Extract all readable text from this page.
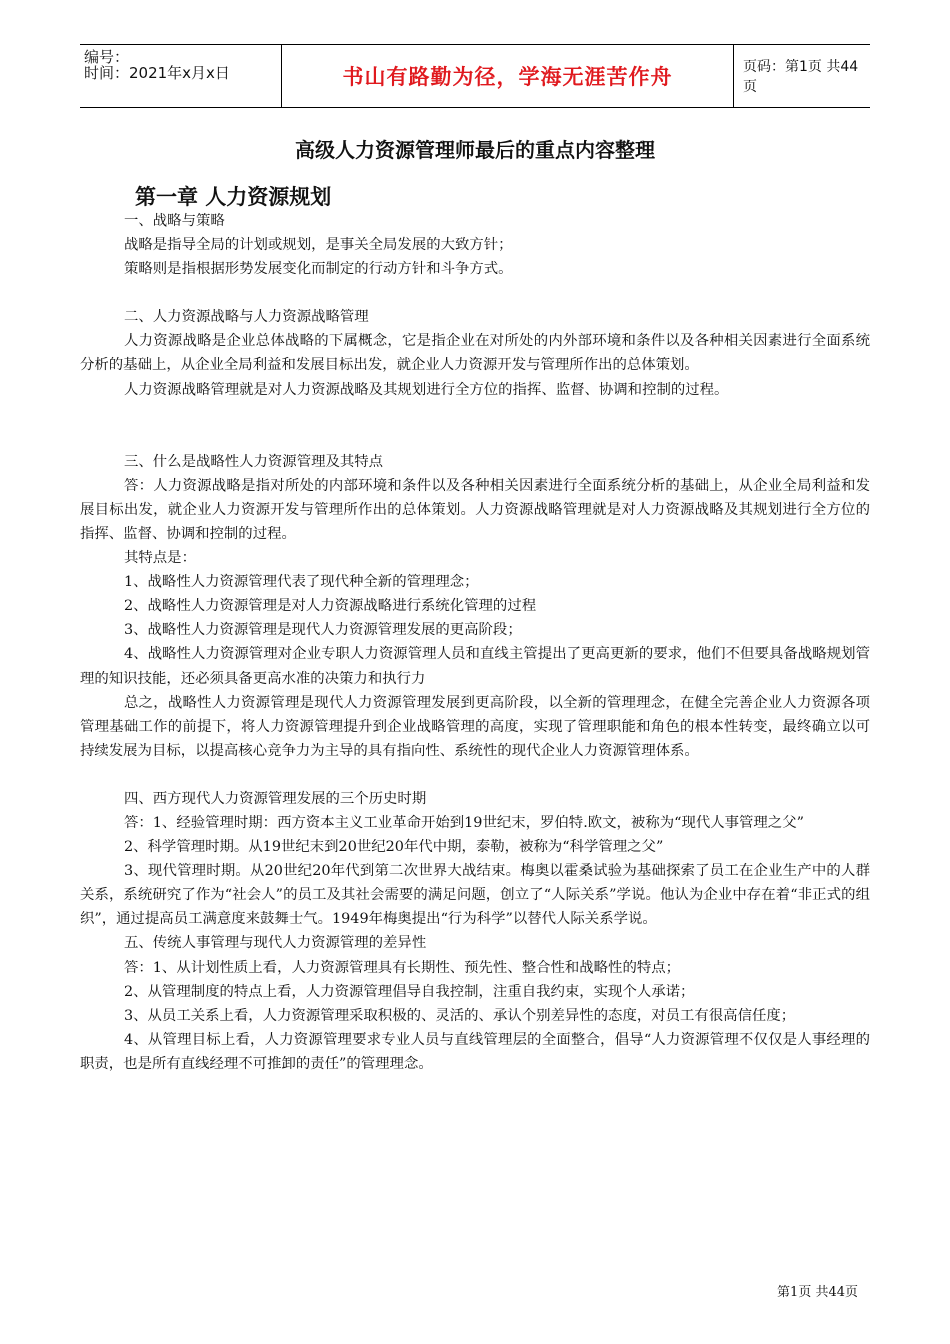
编号：
时间：2021年x月x日	书山有路勤为径，学海无涯苦作舟	页码：第1页 共44页
高级人力资源管理师最后的重点内容整理
第一章 人力资源规划

一、战略与策略

战略是指导全局的计划或规划，是事关全局发展的大致方针；

策略则是指根据形势发展变化而制定的行动方针和斗争方式。

二、人力资源战略与人力资源战略管理

人力资源战略是企业总体战略的下属概念，它是指企业在对所处的内外部环境和条件以及各种相关因素进行全面系统分析的基础上，从企业全局利益和发展目标出发，就企业人力资源开发与管理所作出的总体策划。

人力资源战略管理就是对人力资源战略及其规划进行全方位的指挥、监督、协调和控制的过程。

三、什么是战略性人力资源管理及其特点

答：人力资源战略是指对所处的内部环境和条件以及各种相关因素进行全面系统分析的基础上，从企业全局利益和发展目标出发，就企业人力资源开发与管理所作出的总体策划。人力资源战略管理就是对人力资源战略及其规划进行全方位的指挥、监督、协调和控制的过程。

其特点是：

1、战略性人力资源管理代表了现代种全新的管理理念；

2、战略性人力资源管理是对人力资源战略进行系统化管理的过程

3、战略性人力资源管理是现代人力资源管理发展的更高阶段；

4、战略性人力资源管理对企业专职人力资源管理人员和直线主管提出了更高更新的要求，他们不但要具备战略规划管理的知识技能，还必须具备更高水准的决策力和执行力

总之，战略性人力资源管理是现代人力资源管理发展到更高阶段，以全新的管理理念，在健全完善企业人力资源各项管理基础工作的前提下，将人力资源管理提升到企业战略管理的高度，实现了管理职能和角色的根本性转变，最终确立以可持续发展为目标，以提高核心竞争力为主导的具有指向性、系统性的现代企业人力资源管理体系。

四、西方现代人力资源管理发展的三个历史时期

答：1、经验管理时期：西方资本主义工业革命开始到19世纪末，罗伯特.欧文，被称为“现代人事管理之父”

2、科学管理时期。从19世纪末到20世纪20年代中期，泰勒，被称为“科学管理之父”

3、现代管理时期。从20世纪20年代到第二次世界大战结束。梅奥以霍桑试验为基础探索了员工在企业生产中的人群关系，系统研究了作为“社会人”的员工及其社会需要的满足问题，创立了“人际关系”学说。他认为企业中存在着“非正式的组织”，通过提高员工满意度来鼓舞士气。1949年梅奥提出“行为科学”以替代人际关系学说。

五、传统人事管理与现代人力资源管理的差异性

答：1、从计划性质上看，人力资源管理具有长期性、预先性、整合性和战略性的特点；

2、从管理制度的特点上看，人力资源管理倡导自我控制，注重自我约束，实现个人承诺；

3、从员工关系上看，人力资源管理采取积极的、灵活的、承认个别差异性的态度，对员工有很高信任度；

4、从管理目标上看，人力资源管理要求专业人员与直线管理层的全面整合，倡导“人力资源管理不仅仅是人事经理的职责，也是所有直线经理不可推卸的责任”的管理理念。

第1页 共44页
